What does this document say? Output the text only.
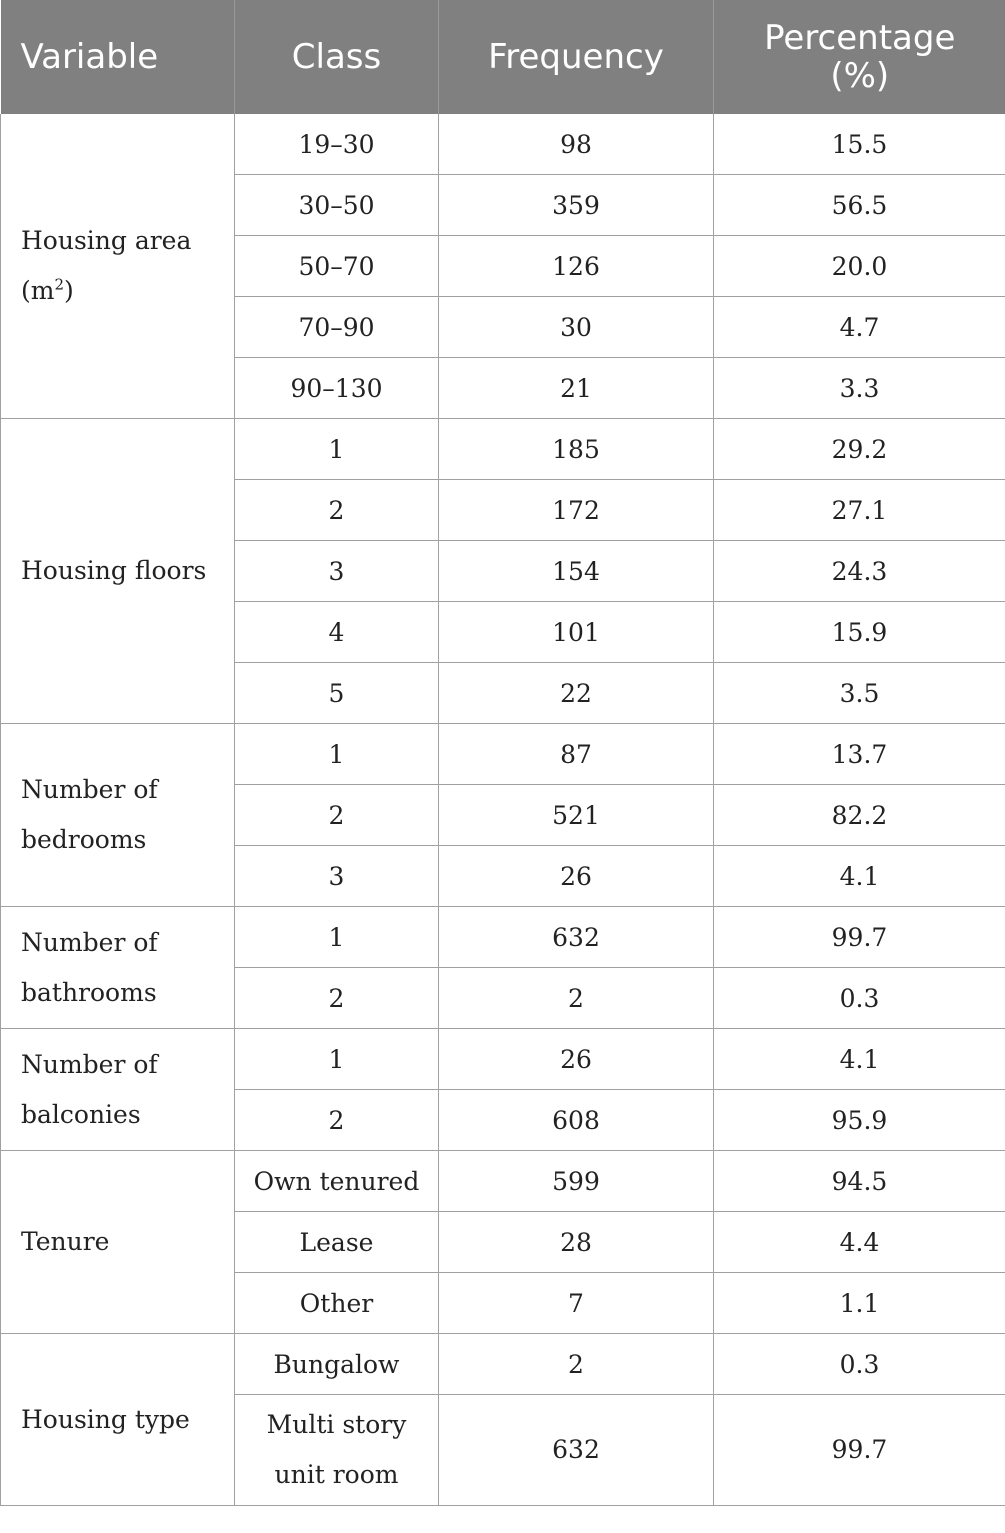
Variable	Class	Frequency	Percentage
(%)
Housing area $(m^2)$	19–30	98	15.5
	30–50	359	56.5
	50–70	126	20.0
	70–90	30	4.7
	90–130	21	3.3
Housing floors	1	185	29.2
	2	172	27.1
	3	154	24.3
	4	101	15.9
	5	22	3.5
Number of bedrooms	1	87	13.7
	2	521	82.2
	3	26	4.1
Number of bathrooms	1	632	99.7
	2	2	0.3
Number of balconies	1	26	4.1
	2	608	95.9
Tenure	Own tenured	599	94.5
	Lease	28	4.4
	Other	7	1.1
Housing type	Bungalow	2	0.3
	Multi story unit room	632	99.7
